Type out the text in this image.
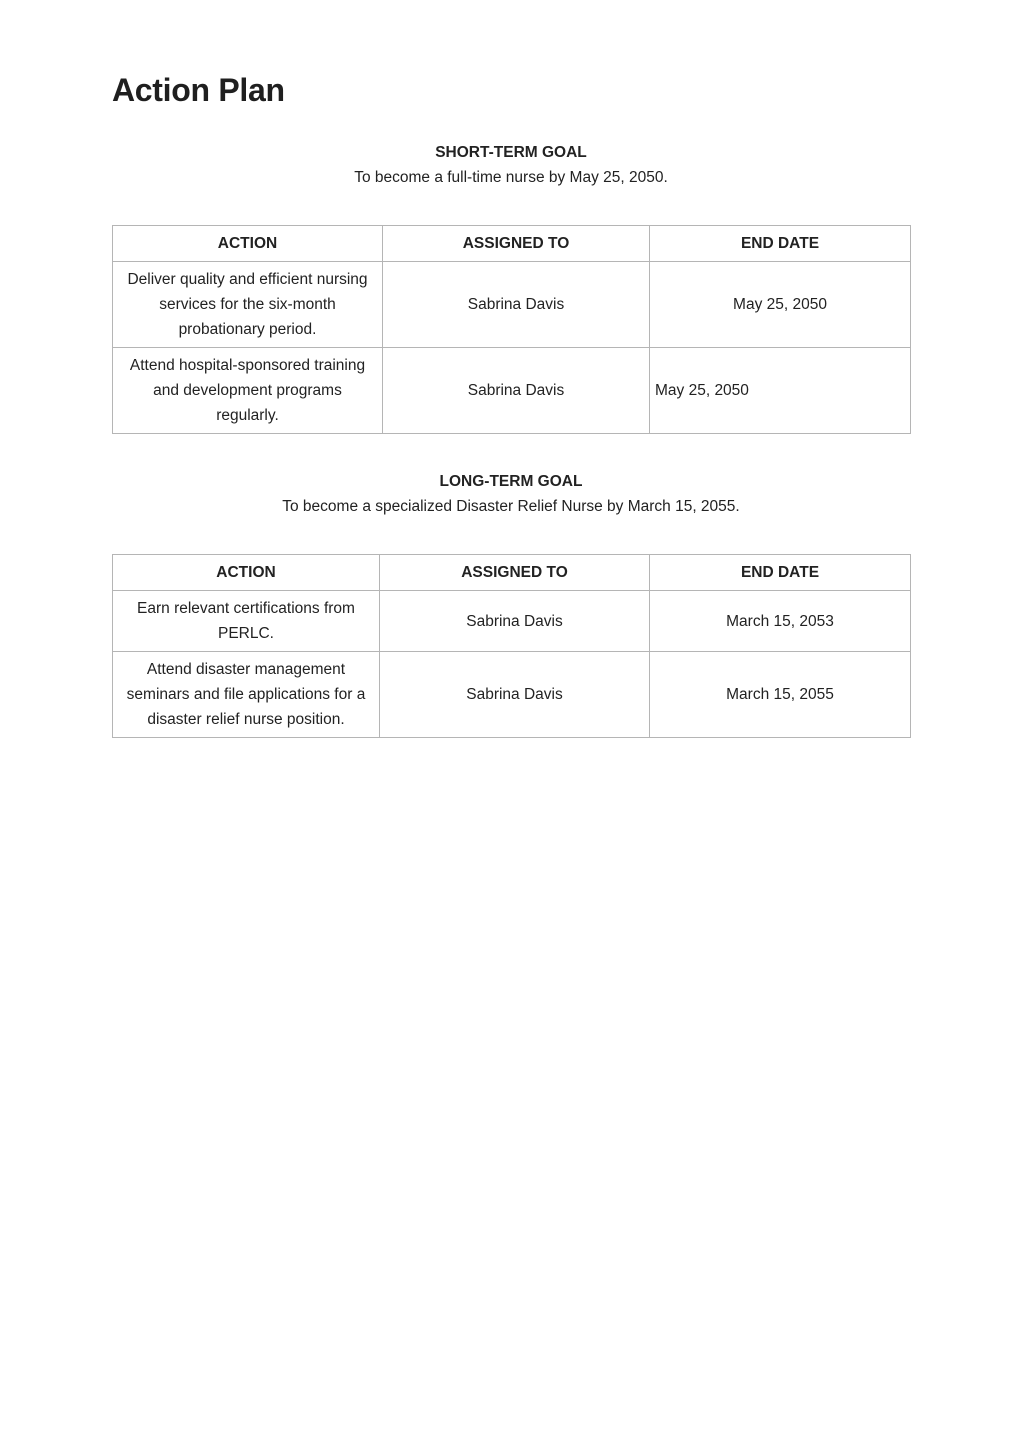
Action Plan
SHORT-TERM GOAL
To become a full-time nurse by May 25, 2050.
ACTION	ASSIGNED TO	END DATE
Deliver quality and efficient nursing services for the six-month probationary period.	Sabrina Davis	May 25, 2050
Attend hospital-sponsored training and development programs regularly.	Sabrina Davis	May 25, 2050
LONG-TERM GOAL
To become a specialized Disaster Relief Nurse by March 15, 2055.
ACTION	ASSIGNED TO	END DATE
Earn relevant certifications from PERLC.	Sabrina Davis	March 15, 2053
Attend disaster management seminars and file applications for a disaster relief nurse position.	Sabrina Davis	March 15, 2055
